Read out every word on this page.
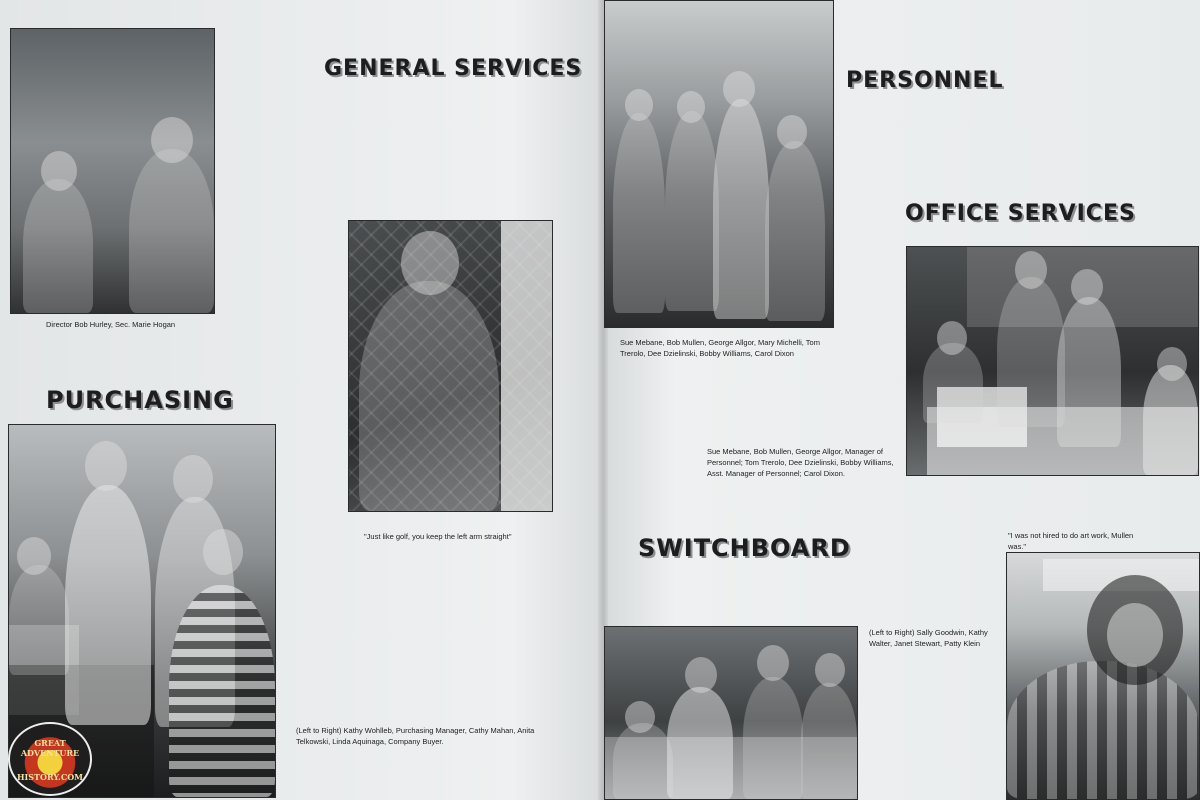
Director Bob Hurley, Sec. Marie Hogan

GENERAL SERVICES

"Just like golf, you keep the left arm straight"

PURCHASING

(Left to Right) Kathy Wohlleb, Purchasing Manager, Cathy Mahan, Anita Telkowski, Linda Aquinaga, Company Buyer.

GREAT ADVENTURE
HISTORY.COM

Sue Mebane, Bob Mullen, George Allgor, Mary Michelli, Tom Trerolo, Dee Dzielinski, Bobby Williams, Carol Dixon

PERSONNEL
OFFICE SERVICES

Sue Mebane, Bob Mullen, George Allgor, Manager of Personnel; Tom Trerolo, Dee Dzielinski, Bobby Williams, Asst. Manager of Personnel; Carol Dixon.

SWITCHBOARD	"I was not hired to do art work, Mullen was."

(Left to Right) Sally Goodwin, Kathy Walter, Janet Stewart, Patty Klein
